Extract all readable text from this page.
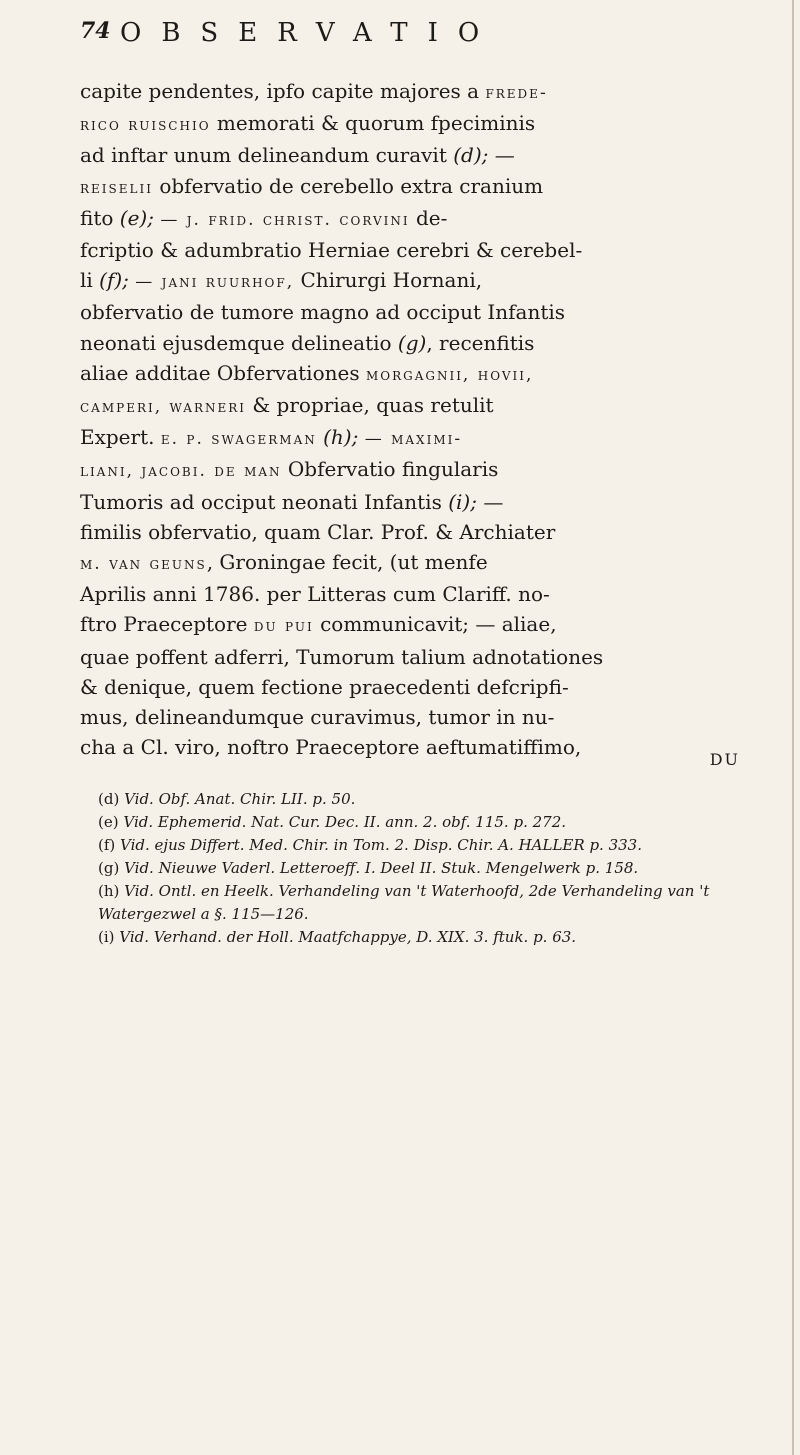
74 OBSERVATIO

capite pendentes, ipfo capite majores a frede-

rico ruischio memorati & quorum fpeciminis

ad inftar unum delineandum curavit (d); —

reiselii obfervatio de cerebello extra cranium

fito (e); — j. frid. christ. corvini de-

fcriptio & adumbratio Herniae cerebri & cerebel-

li (f); — jani ruurhof, Chirurgi Hornani,

obfervatio de tumore magno ad occiput Infantis

neonati ejusdemque delineatio (g), recenfitis

aliae additae Obfervationes morgagnii, hovii,

camperi, warneri & propriae, quas retulit

Expert. e. p. swagerman (h); — maximi-

liani, jacobi. de man Obfervatio fingularis

Tumoris ad occiput neonati Infantis (i); —

fimilis obfervatio, quam Clar. Prof. & Archiater

m. van geuns, Groningae fecit, (ut menfe

Aprilis anni 1786. per Litteras cum Clariff. no-

ftro Praeceptore du pui communicavit; — aliae,

quae poffent adferri, Tumorum talium adnotationes

& denique, quem fectione praecedenti defcripfi-

mus, delineandumque curavimus, tumor in nu-

cha a Cl. viro, noftro Praeceptore aeftumatiffimo,

DU

(d) Vid. Obf. Anat. Chir. LII. p. 50.

(e) Vid. Ephemerid. Nat. Cur. Dec. II. ann. 2. obf. 115. p. 272.

(f) Vid. ejus Differt. Med. Chir. in Tom. 2. Disp. Chir. A. HALLER p. 333.

(g) Vid. Nieuwe Vaderl. Letteroeff. I. Deel II. Stuk. Mengelwerk p. 158.

(h) Vid. Ontl. en Heelk. Verhandeling van 't Waterhoofd, 2de Verhandeling van 't Watergezwel a §. 115—126.

(i) Vid. Verhand. der Holl. Maatfchappye, D. XIX. 3. ftuk. p. 63.
